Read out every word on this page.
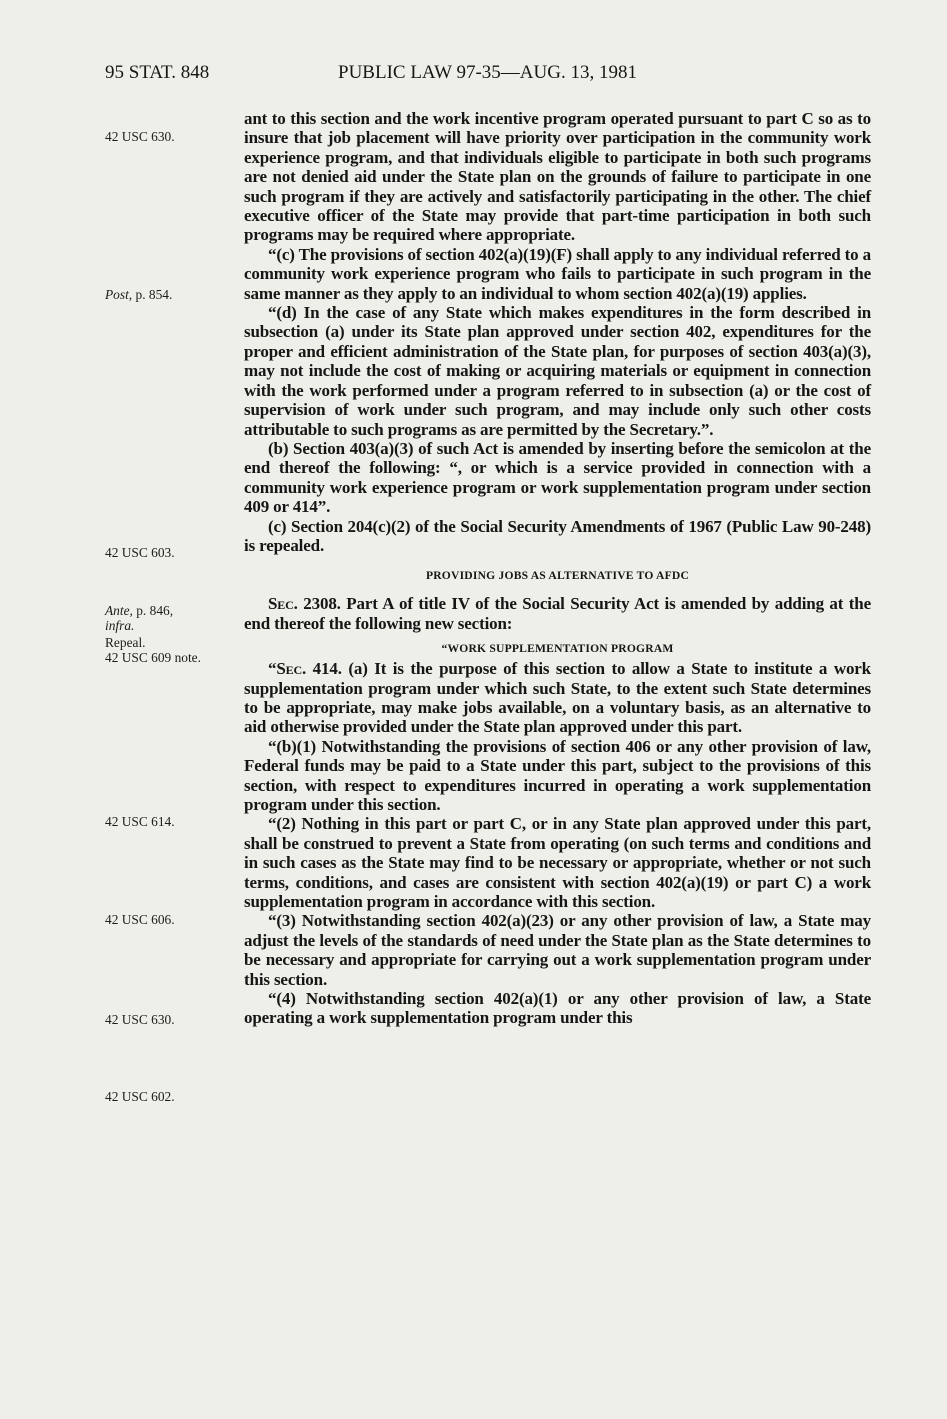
95 STAT. 848	PUBLIC LAW 97-35—AUG. 13, 1981
42 USC 630.
Post, p. 854.
42 USC 603.
Ante, p. 846,
infra.
Repeal.
42 USC 609 note.
42 USC 614.
42 USC 606.
42 USC 630.
42 USC 602.

ant to this section and the work incentive program operated pursuant to part C so as to insure that job placement will have priority over participation in the community work experience program, and that individuals eligible to participate in both such programs are not denied aid under the State plan on the grounds of failure to participate in one such program if they are actively and satisfactorily participating in the other. The chief executive officer of the State may provide that part-time participation in both such programs may be required where appropriate.

“(c) The provisions of section 402(a)(19)(F) shall apply to any individual referred to a community work experience program who fails to participate in such program in the same manner as they apply to an individual to whom section 402(a)(19) applies.

“(d) In the case of any State which makes expenditures in the form described in subsection (a) under its State plan approved under section 402, expenditures for the proper and efficient administration of the State plan, for purposes of section 403(a)(3), may not include the cost of making or acquiring materials or equipment in connection with the work performed under a program referred to in subsection (a) or the cost of supervision of work under such program, and may include only such other costs attributable to such programs as are permitted by the Secretary.”.

(b) Section 403(a)(3) of such Act is amended by inserting before the semicolon at the end thereof the following: “, or which is a service provided in connection with a community work experience program or work supplementation program under section 409 or 414”.

(c) Section 204(c)(2) of the Social Security Amendments of 1967 (Public Law 90-248) is repealed.

PROVIDING JOBS AS ALTERNATIVE TO AFDC

Sec. 2308. Part A of title IV of the Social Security Act is amended by adding at the end thereof the following new section:

“WORK SUPPLEMENTATION PROGRAM

“Sec. 414. (a) It is the purpose of this section to allow a State to institute a work supplementation program under which such State, to the extent such State determines to be appropriate, may make jobs available, on a voluntary basis, as an alternative to aid otherwise provided under the State plan approved under this part.

“(b)(1) Notwithstanding the provisions of section 406 or any other provision of law, Federal funds may be paid to a State under this part, subject to the provisions of this section, with respect to expenditures incurred in operating a work supplementation program under this section.

“(2) Nothing in this part or part C, or in any State plan approved under this part, shall be construed to prevent a State from operating (on such terms and conditions and in such cases as the State may find to be necessary or appropriate, whether or not such terms, conditions, and cases are consistent with section 402(a)(19) or part C) a work supplementation program in accordance with this section.

“(3) Notwithstanding section 402(a)(23) or any other provision of law, a State may adjust the levels of the standards of need under the State plan as the State determines to be necessary and appropriate for carrying out a work supplementation program under this section.

“(4) Notwithstanding section 402(a)(1) or any other provision of law, a State operating a work supplementation program under this
